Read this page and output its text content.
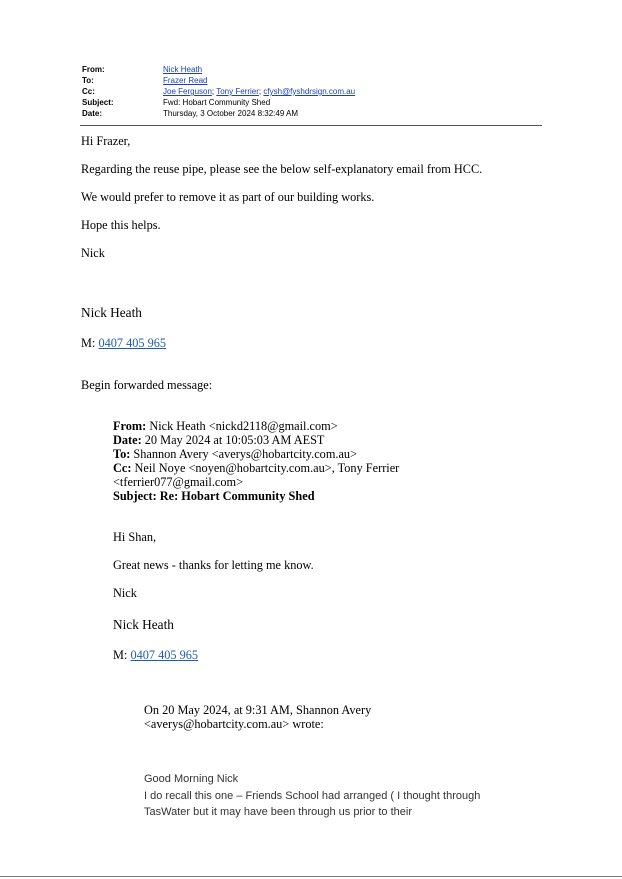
From:	Nick Heath
To:	Frazer Read
Cc:	Joe Ferguson; Tony Ferrier; cfysh@fyshdrsign.com.au
Subject:	Fwd: Hobart Community Shed
Date:	Thursday, 3 October 2024 8:32:49 AM
Hi Frazer,
Regarding the reuse pipe, please see the below self-explanatory email from HCC.
We would prefer to remove it as part of our building works.
Hope this helps.
Nick
Nick Heath
M: 0407 405 965
Begin forwarded message:
From: Nick Heath <nickd2118@gmail.com>
Date: 20 May 2024 at 10:05:03 AM AEST
To: Shannon Avery <averys@hobartcity.com.au>
Cc: Neil Noye <noyen@hobartcity.com.au>, Tony Ferrier
<tferrier077@gmail.com>
Subject: Re: Hobart Community Shed
Hi Shan,
Great news - thanks for letting me know.
Nick
Nick Heath
M: 0407 405 965
On 20 May 2024, at 9:31 AM, Shannon Avery
<averys@hobartcity.com.au> wrote:
Good Morning Nick
I do recall this one – Friends School had arranged ( I thought through
TasWater but it may have been through us prior to their
